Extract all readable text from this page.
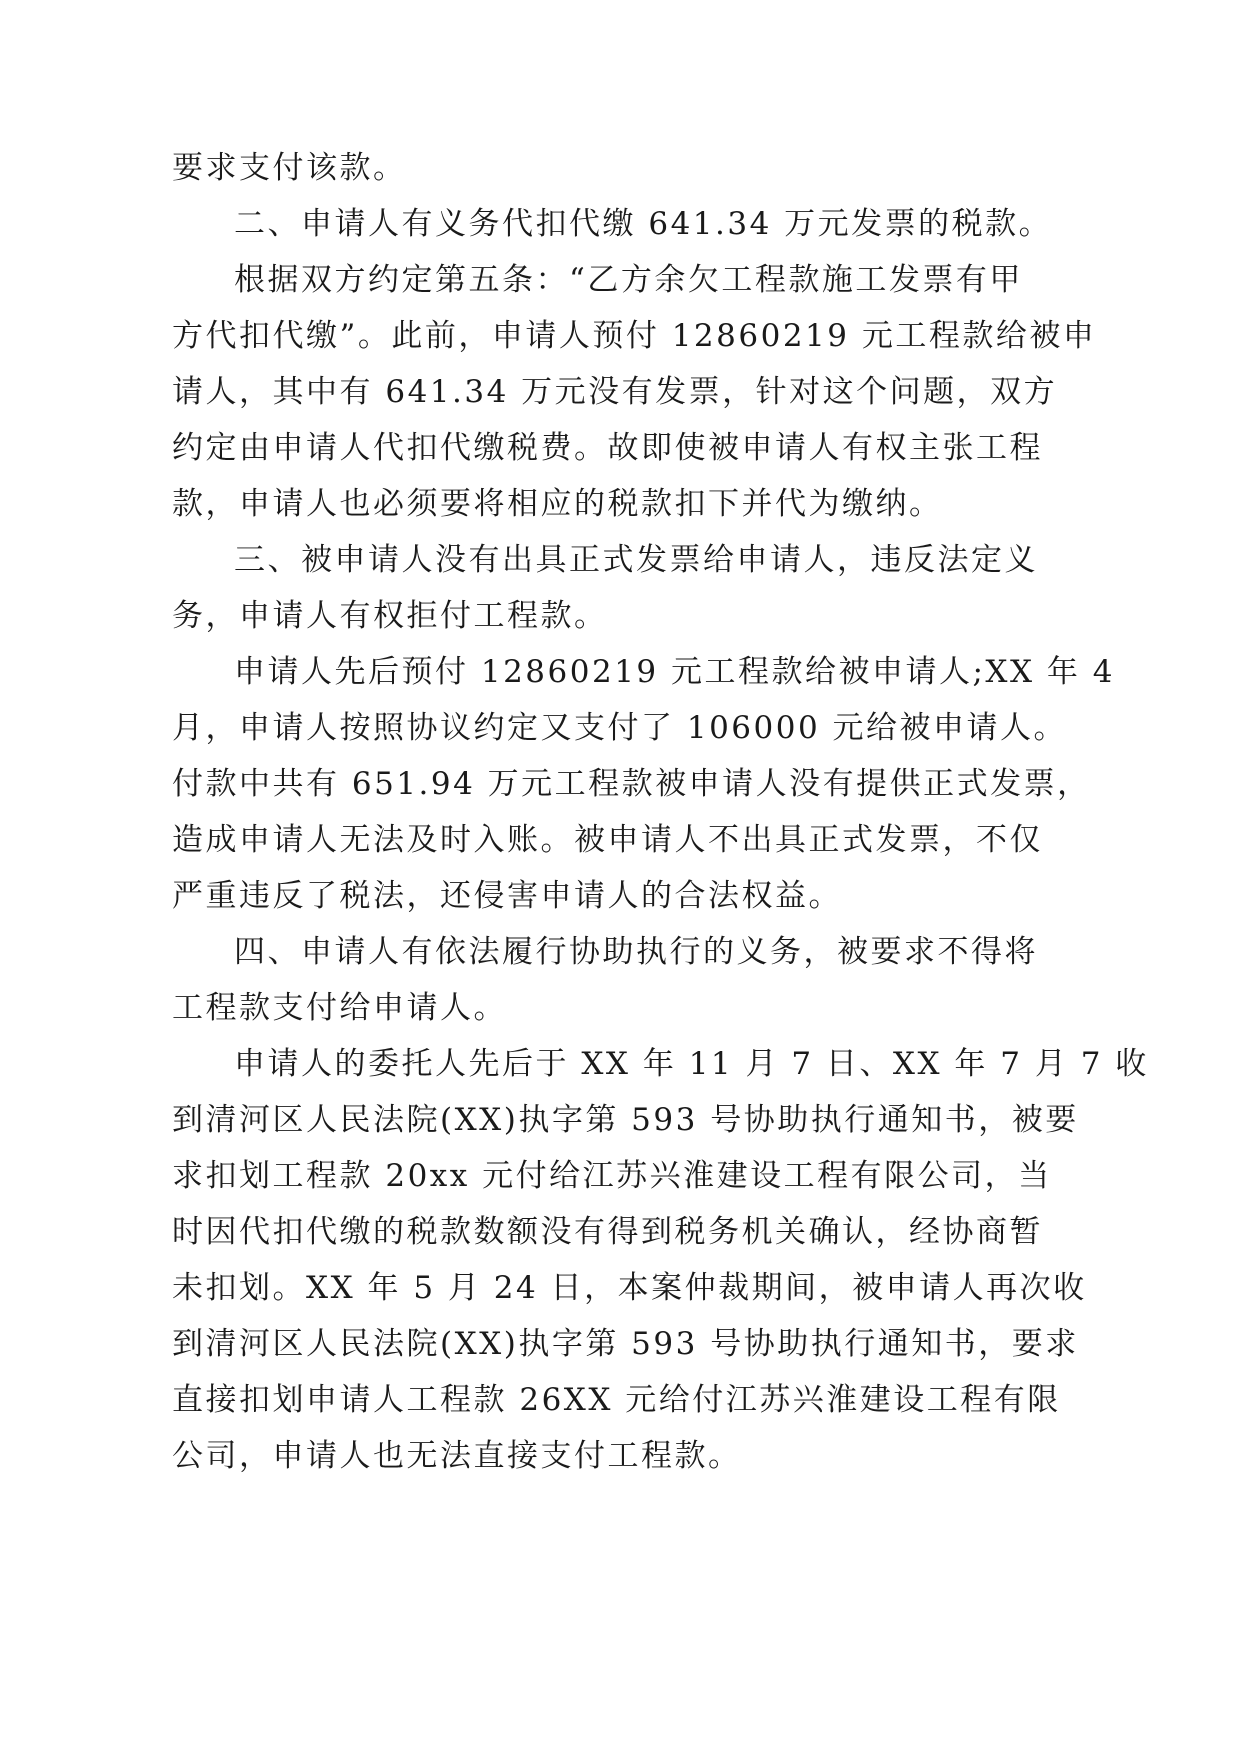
要求支付该款。
二、申请人有义务代扣代缴 641.34 万元发票的税款。
根据双方约定第五条：“乙方余欠工程款施工发票有甲
方代扣代缴”。此前，申请人预付 12860219 元工程款给被申
请人，其中有 641.34 万元没有发票，针对这个问题，双方
约定由申请人代扣代缴税费。故即使被申请人有权主张工程
款，申请人也必须要将相应的税款扣下并代为缴纳。
三、被申请人没有出具正式发票给申请人，违反法定义
务，申请人有权拒付工程款。
申请人先后预付 12860219 元工程款给被申请人;XX 年 4
月，申请人按照协议约定又支付了 106000 元给被申请人。
付款中共有 651.94 万元工程款被申请人没有提供正式发票，
造成申请人无法及时入账。被申请人不出具正式发票，不仅
严重违反了税法，还侵害申请人的合法权益。
四、申请人有依法履行协助执行的义务，被要求不得将
工程款支付给申请人。
申请人的委托人先后于 XX 年 11 月 7 日、XX 年 7 月 7 收
到清河区人民法院(XX)执字第 593 号协助执行通知书，被要
求扣划工程款 20xx 元付给江苏兴淮建设工程有限公司，当
时因代扣代缴的税款数额没有得到税务机关确认，经协商暂
未扣划。XX 年 5 月 24 日，本案仲裁期间，被申请人再次收
到清河区人民法院(XX)执字第 593 号协助执行通知书，要求
直接扣划申请人工程款 26XX 元给付江苏兴淮建设工程有限
公司，申请人也无法直接支付工程款。
